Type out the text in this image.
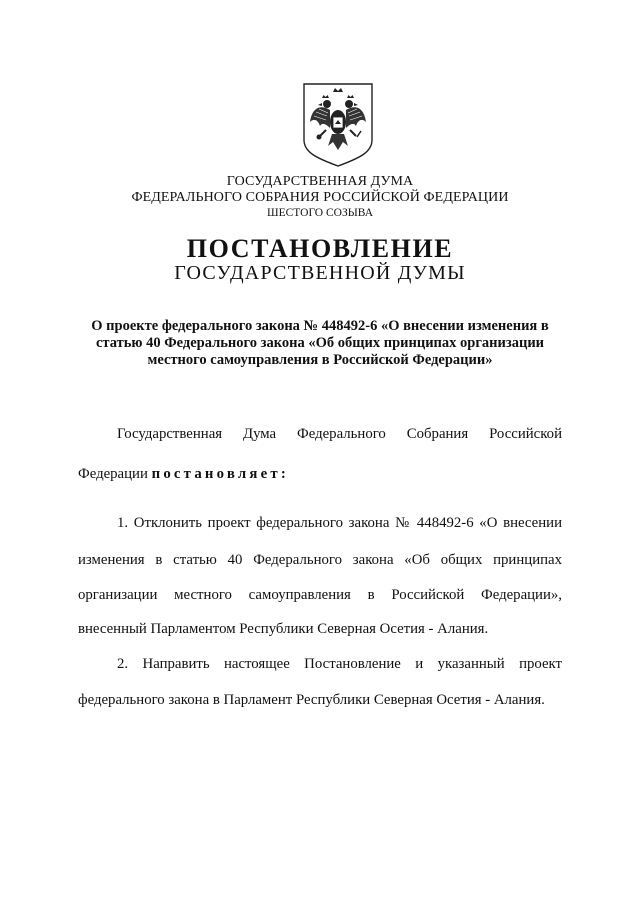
ГОСУДАРСТВЕННАЯ ДУМА
ФЕДЕРАЛЬНОГО СОБРАНИЯ РОССИЙСКОЙ ФЕДЕРАЦИИ
ШЕСТОГО СОЗЫВА
ПОСТАНОВЛЕНИЕ
ГОСУДАРСТВЕННОЙ ДУМЫ
О проекте федерального закона № 448492-6 «О внесении изменения в
статью 40 Федерального закона «Об общих принципах организации
местного самоуправления в Российской Федерации»
Государственная Дума Федерального Собрания Российской
Федерации постановляет:
1. Отклонить проект федерального закона № 448492-6 «О внесении
изменения в статью 40 Федерального закона «Об общих принципах
организации местного самоуправления в Российской Федерации»,
внесенный Парламентом Республики Северная Осетия - Алания.
2. Направить настоящее Постановление и указанный проект
федерального закона в Парламент Республики Северная Осетия - Алания.
